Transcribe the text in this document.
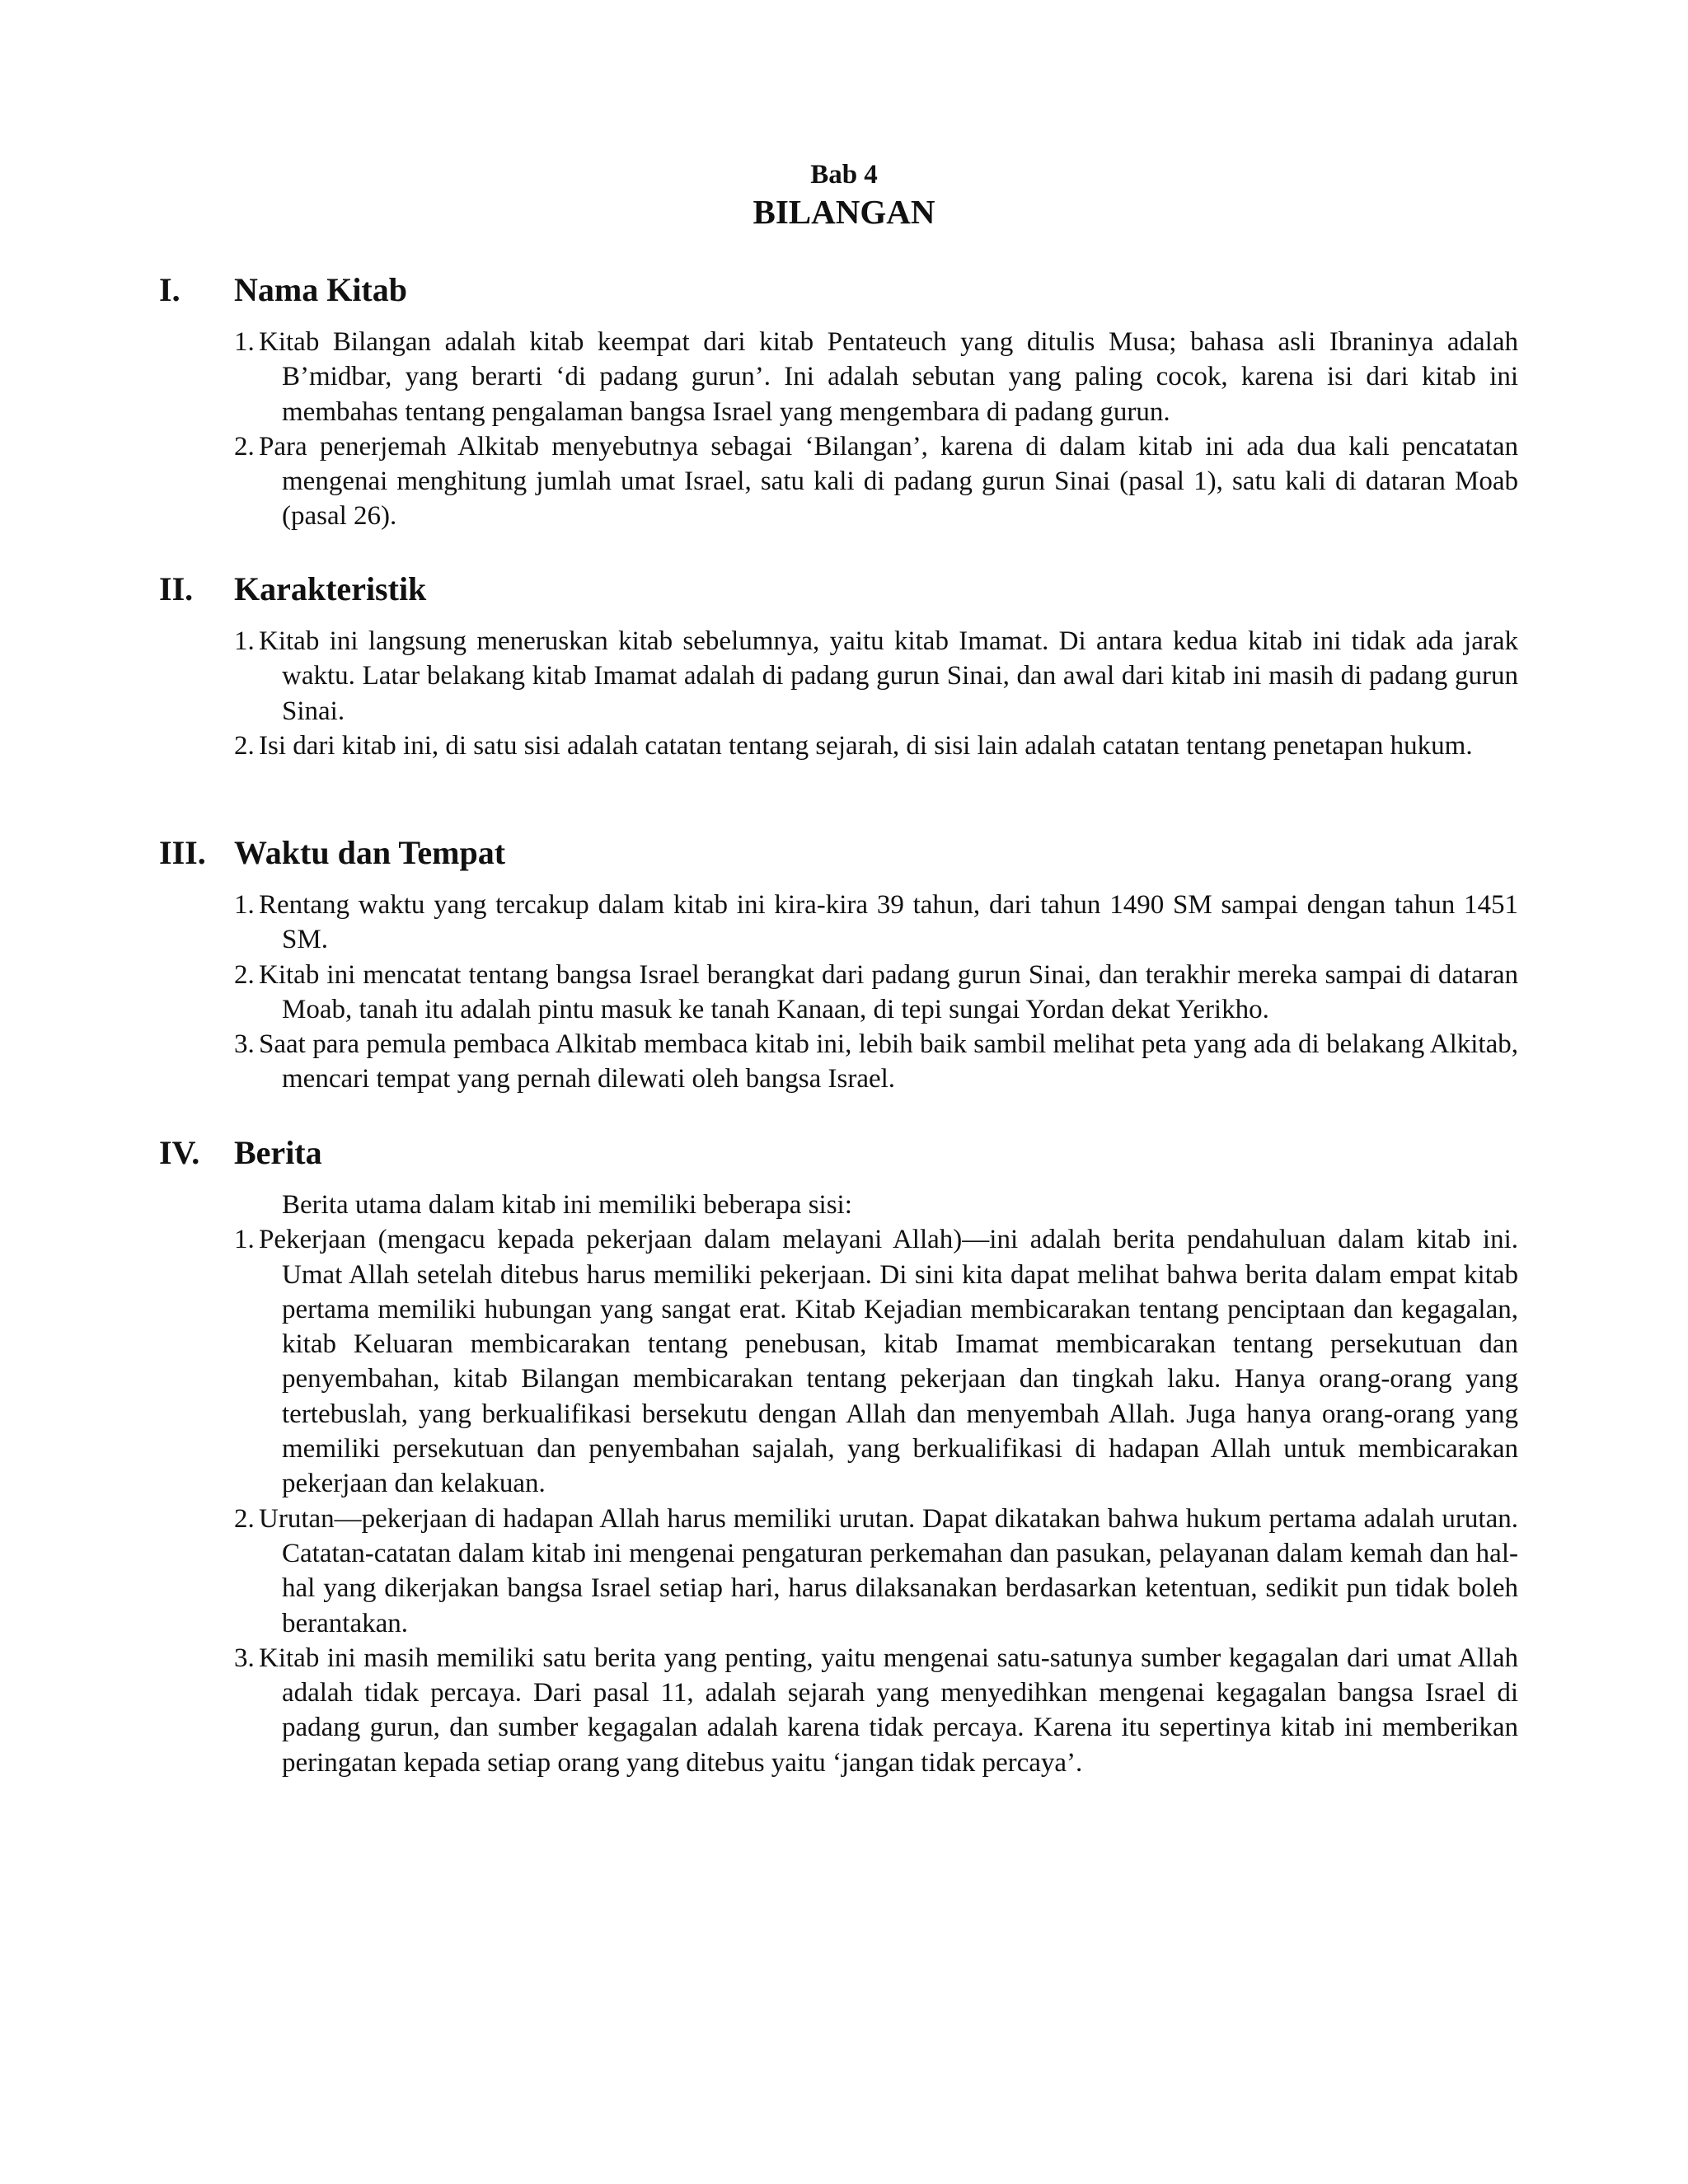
Bab 4
BILANGAN
I. Nama Kitab
1. Kitab Bilangan adalah kitab keempat dari kitab Pentateuch yang ditulis Musa; bahasa asli Ibraninya adalah B’midbar, yang berarti ‘di padang gurun’. Ini adalah sebutan yang paling cocok, karena isi dari kitab ini membahas tentang pengalaman bangsa Israel yang mengembara di padang gurun.
2. Para penerjemah Alkitab menyebutnya sebagai ‘Bilangan’, karena di dalam kitab ini ada dua kali pencatatan mengenai menghitung jumlah umat Israel, satu kali di padang gurun Sinai (pasal 1), satu kali di dataran Moab (pasal 26).
II. Karakteristik
1. Kitab ini langsung meneruskan kitab sebelumnya, yaitu kitab Imamat. Di antara kedua kitab ini tidak ada jarak waktu. Latar belakang kitab Imamat adalah di padang gurun Sinai, dan awal dari kitab ini masih di padang gurun Sinai.
2. Isi dari kitab ini, di satu sisi adalah catatan tentang sejarah, di sisi lain adalah catatan tentang penetapan hukum.
III. Waktu dan Tempat
1. Rentang waktu yang tercakup dalam kitab ini kira-kira 39 tahun, dari tahun 1490 SM sampai dengan tahun 1451 SM.
2. Kitab ini mencatat tentang bangsa Israel berangkat dari padang gurun Sinai, dan terakhir mereka sampai di dataran Moab, tanah itu adalah pintu masuk ke tanah Kanaan, di tepi sungai Yordan dekat Yerikho.
3. Saat para pemula pembaca Alkitab membaca kitab ini, lebih baik sambil melihat peta yang ada di belakang Alkitab, mencari tempat yang pernah dilewati oleh bangsa Israel.
IV. Berita
Berita utama dalam kitab ini memiliki beberapa sisi:
1. Pekerjaan (mengacu kepada pekerjaan dalam melayani Allah)—ini adalah berita pendahuluan dalam kitab ini. Umat Allah setelah ditebus harus memiliki pekerjaan. Di sini kita dapat melihat bahwa berita dalam empat kitab pertama memiliki hubungan yang sangat erat. Kitab Kejadian membicarakan tentang penciptaan dan kegagalan, kitab Keluaran membicarakan tentang penebusan, kitab Imamat membicarakan tentang persekutuan dan penyembahan, kitab Bilangan membicarakan tentang pekerjaan dan tingkah laku. Hanya orang-orang yang tertebuslah, yang berkualifikasi bersekutu dengan Allah dan menyembah Allah. Juga hanya orang-orang yang memiliki persekutuan dan penyembahan sajalah, yang berkualifikasi di hadapan Allah untuk membicarakan pekerjaan dan kelakuan.
2. Urutan—pekerjaan di hadapan Allah harus memiliki urutan. Dapat dikatakan bahwa hukum pertama adalah urutan. Catatan-catatan dalam kitab ini mengenai pengaturan perkemahan dan pasukan, pelayanan dalam kemah dan hal-hal yang dikerjakan bangsa Israel setiap hari, harus dilaksanakan berdasarkan ketentuan, sedikit pun tidak boleh berantakan.
3. Kitab ini masih memiliki satu berita yang penting, yaitu mengenai satu-satunya sumber kegagalan dari umat Allah adalah tidak percaya. Dari pasal 11, adalah sejarah yang menyedihkan mengenai kegagalan bangsa Israel di padang gurun, dan sumber kegagalan adalah karena tidak percaya. Karena itu sepertinya kitab ini memberikan peringatan kepada setiap orang yang ditebus yaitu ‘jangan tidak percaya’.
